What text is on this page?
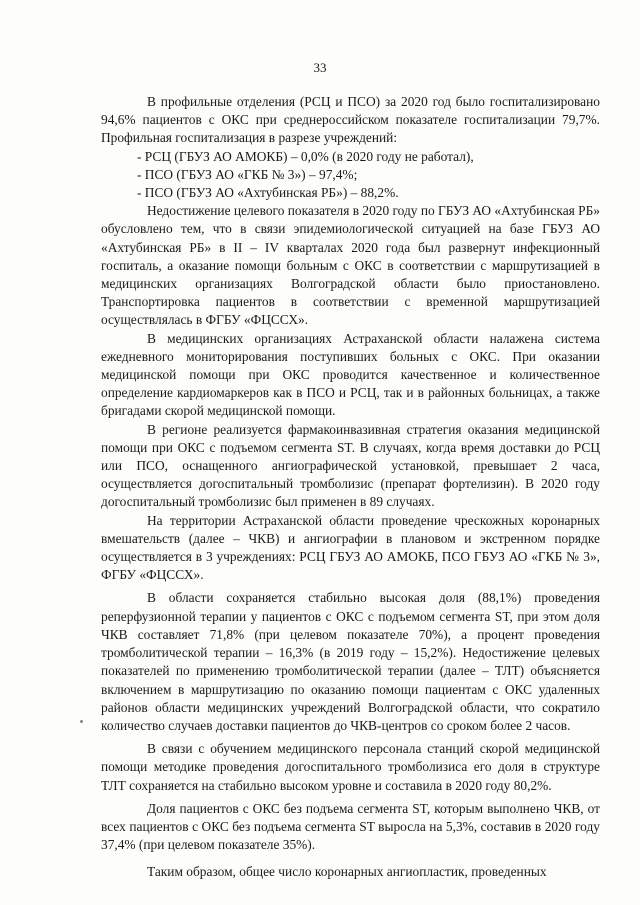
33

В профильные отделения (РСЦ и ПСО) за 2020 год было госпитализировано 94,6% пациентов с ОКС при среднероссийском показателе госпитализации 79,7%. Профильная госпитализация в разрезе учреждений:

- РСЦ (ГБУЗ АО АМОКБ) – 0,0% (в 2020 году не работал),

- ПСО (ГБУЗ АО «ГКБ № 3») – 97,4%;

- ПСО (ГБУЗ АО «Ахтубинская РБ») – 88,2%.

Недостижение целевого показателя в 2020 году по ГБУЗ АО «Ахтубинская РБ» обусловлено тем, что в связи эпидемиологической ситуацией на базе ГБУЗ АО «Ахтубинская РБ» в II – IV кварталах 2020 года был развернут инфекционный госпиталь, а оказание помощи больным с ОКС в соответствии с маршрутизацией в медицинских организациях Волгоградской области было приостановлено. Транспортировка пациентов в соответствии с временной маршрутизацией осуществлялась в ФГБУ «ФЦССХ».

В медицинских организациях Астраханской области налажена система ежедневного мониторирования поступивших больных с ОКС. При оказании медицинской помощи при ОКС проводится качественное и количественное определение кардиомаркеров как в ПСО и РСЦ, так и в районных больницах, а также бригадами скорой медицинской помощи.

В регионе реализуется фармакоинвазивная стратегия оказания медицинской помощи при ОКС с подъемом сегмента ST. В случаях, когда время доставки до РСЦ или ПСО, оснащенного ангиографической установкой, превышает 2 часа, осуществляется догоспитальный тромболизис (препарат фортелизин). В 2020 году догоспитальный тромболизис был применен в 89 случаях.

На территории Астраханской области проведение чрескожных коронарных вмешательств (далее – ЧКВ) и ангиографии в плановом и экстренном порядке осуществляется в 3 учреждениях: РСЦ ГБУЗ АО АМОКБ, ПСО ГБУЗ АО «ГКБ № 3», ФГБУ «ФЦССХ».

В области сохраняется стабильно высокая доля (88,1%) проведения реперфузионной терапии у пациентов с ОКС с подъемом сегмента ST, при этом доля ЧКВ составляет 71,8% (при целевом показателе 70%), а процент проведения тромболитической терапии – 16,3% (в 2019 году – 15,2%). Недостижение целевых показателей по применению тромболитической терапии (далее – ТЛТ) объясняется включением в маршрутизацию по оказанию помощи пациентам с ОКС удаленных районов области медицинских учреждений Волгоградской области, что сократило количество случаев доставки пациентов до ЧКВ-центров со сроком более 2 часов.

В связи с обучением медицинского персонала станций скорой медицинской помощи методике проведения догоспитального тромболизиса его доля в структуре ТЛТ сохраняется на стабильно высоком уровне и составила в 2020 году 80,2%.

Доля пациентов с ОКС без подъема сегмента ST, которым выполнено ЧКВ, от всех пациентов с ОКС без подъема сегмента ST выросла на 5,3%, составив в 2020 году 37,4% (при целевом показателе 35%).

Таким образом, общее число коронарных ангиопластик, проведенных
